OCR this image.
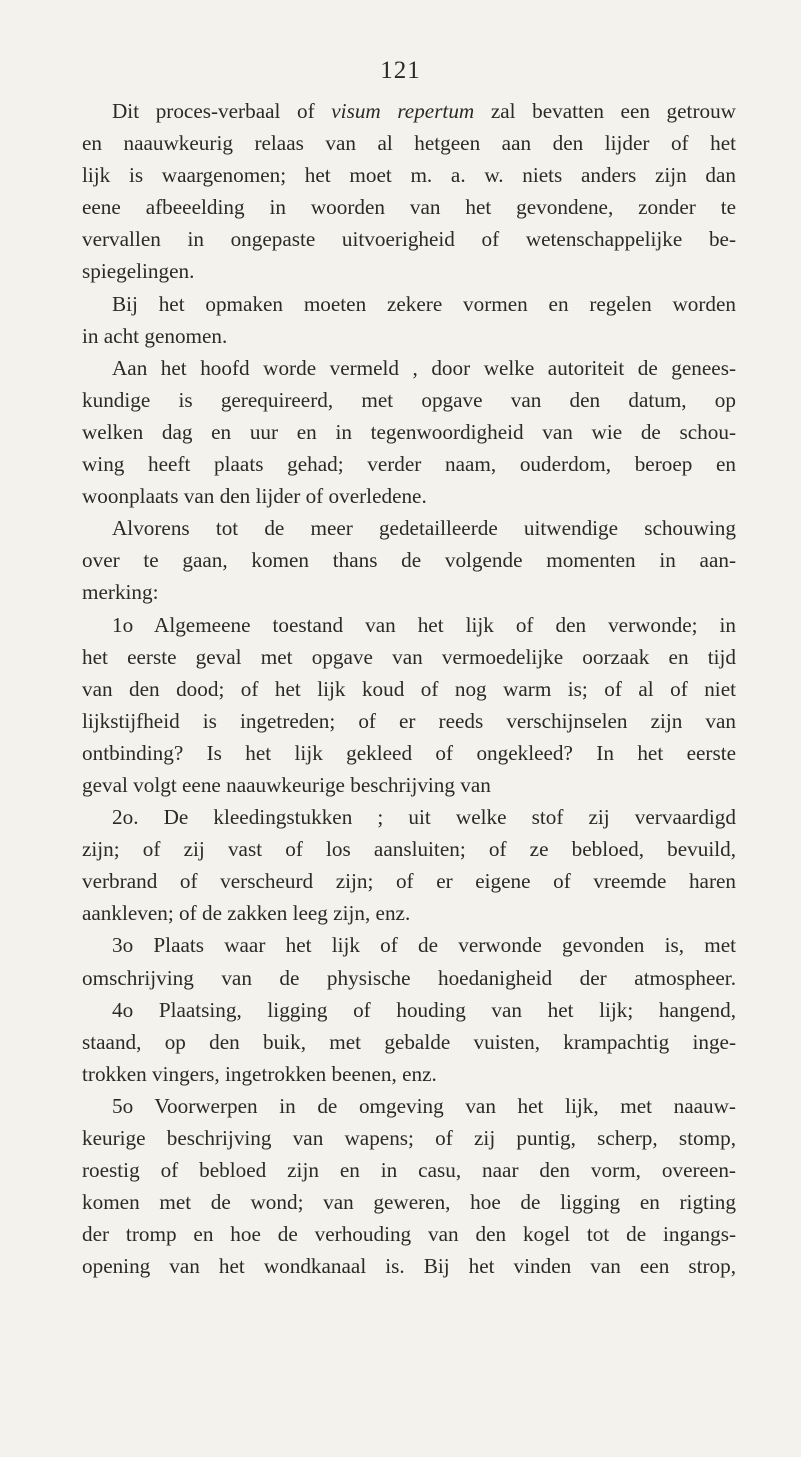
121
Dit proces-verbaal of visum repertum zal bevatten een getrouw
en naauwkeurig relaas van al hetgeen aan den lijder of het
lijk is waargenomen; het moet m. a. w. niets anders zijn dan
eene afbeeelding in woorden van het gevondene, zonder te
vervallen in ongepaste uitvoerigheid of wetenschappelijke be-
spiegelingen.
Bij het opmaken moeten zekere vormen en regelen worden
in acht genomen.
Aan het hoofd worde vermeld , door welke autoriteit de genees-
kundige is gerequireerd, met opgave van den datum, op
welken dag en uur en in tegenwoordigheid van wie de schou-
wing heeft plaats gehad; verder naam, ouderdom, beroep en
woonplaats van den lijder of overledene.
Alvorens tot de meer gedetailleerde uitwendige schouwing
over te gaan, komen thans de volgende momenten in aan-
merking:
1o Algemeene toestand van het lijk of den verwonde; in
het eerste geval met opgave van vermoedelijke oorzaak en tijd
van den dood; of het lijk koud of nog warm is; of al of niet
lijkstijfheid is ingetreden; of er reeds verschijnselen zijn van
ontbinding? Is het lijk gekleed of ongekleed? In het eerste
geval volgt eene naauwkeurige beschrijving van
2o. De kleedingstukken ; uit welke stof zij vervaardigd
zijn; of zij vast of los aansluiten; of ze bebloed, bevuild,
verbrand of verscheurd zijn; of er eigene of vreemde haren
aankleven; of de zakken leeg zijn, enz.
3o Plaats waar het lijk of de verwonde gevonden is, met
omschrijving van de physische hoedanigheid der atmospheer.
4o Plaatsing, ligging of houding van het lijk; hangend,
staand, op den buik, met gebalde vuisten, krampachtig inge-
trokken vingers, ingetrokken beenen, enz.
5o Voorwerpen in de omgeving van het lijk, met naauw-
keurige beschrijving van wapens; of zij puntig, scherp, stomp,
roestig of bebloed zijn en in casu, naar den vorm, overeen-
komen met de wond; van geweren, hoe de ligging en rigting
der tromp en hoe de verhouding van den kogel tot de ingangs-
opening van het wondkanaal is. Bij het vinden van een strop,
